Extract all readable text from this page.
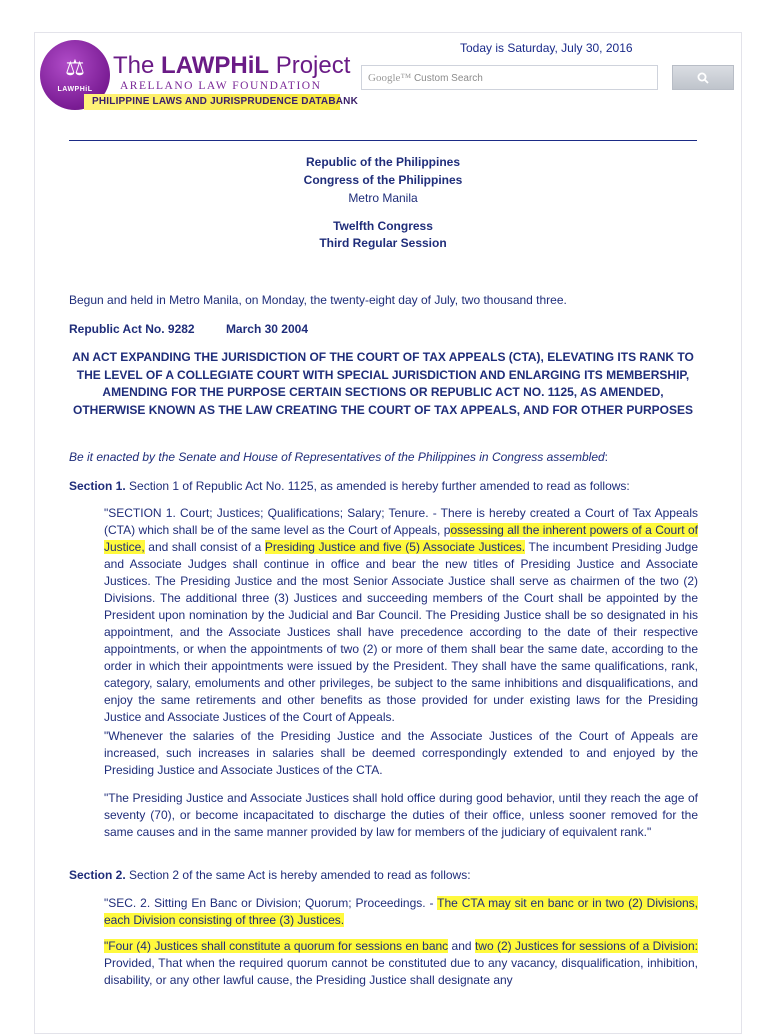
⚖
LAWPHiL
The LAWPHiL Project
ARELLANO LAW FOUNDATION
PHILIPPINE LAWS AND JURISPRUDENCE DATABANK
Today is Saturday, July 30, 2016
Google™ Custom Search
Republic of the Philippines
Congress of the Philippines
Metro Manila
Twelfth Congress
Third Regular Session
Begun and held in Metro Manila, on Monday, the twenty-eight day of July, two thousand three.
Republic Act No. 9282	March 30 2004
AN ACT EXPANDING THE JURISDICTION OF THE COURT OF TAX APPEALS (CTA), ELEVATING ITS RANK TO THE LEVEL OF A COLLEGIATE COURT WITH SPECIAL JURISDICTION AND ENLARGING ITS MEMBERSHIP, AMENDING FOR THE PURPOSE CERTAIN SECTIONS OR REPUBLIC ACT NO. 1125, AS AMENDED, OTHERWISE KNOWN AS THE LAW CREATING THE COURT OF TAX APPEALS, AND FOR OTHER PURPOSES
Be it enacted by the Senate and House of Representatives of the Philippines in Congress assembled:
Section 1. Section 1 of Republic Act No. 1125, as amended is hereby further amended to read as follows:
"SECTION 1. Court; Justices; Qualifications; Salary; Tenure. - There is hereby created a Court of Tax Appeals (CTA) which shall be of the same level as the Court of Appeals, possessing all the inherent powers of a Court of Justice, and shall consist of a Presiding Justice and five (5) Associate Justices. The incumbent Presiding Judge and Associate Judges shall continue in office and bear the new titles of Presiding Justice and Associate Justices. The Presiding Justice and the most Senior Associate Justice shall serve as chairmen of the two (2) Divisions. The additional three (3) Justices and succeeding members of the Court shall be appointed by the President upon nomination by the Judicial and Bar Council. The Presiding Justice shall be so designated in his appointment, and the Associate Justices shall have precedence according to the date of their respective appointments, or when the appointments of two (2) or more of them shall bear the same date, according to the order in which their appointments were issued by the President. They shall have the same qualifications, rank, category, salary, emoluments and other privileges, be subject to the same inhibitions and disqualifications, and enjoy the same retirements and other benefits as those provided for under existing laws for the Presiding Justice and Associate Justices of the Court of Appeals.
"Whenever the salaries of the Presiding Justice and the Associate Justices of the Court of Appeals are increased, such increases in salaries shall be deemed correspondingly extended to and enjoyed by the Presiding Justice and Associate Justices of the CTA.
"The Presiding Justice and Associate Justices shall hold office during good behavior, until they reach the age of seventy (70), or become incapacitated to discharge the duties of their office, unless sooner removed for the same causes and in the same manner provided by law for members of the judiciary of equivalent rank."
Section 2. Section 2 of the same Act is hereby amended to read as follows:
"SEC. 2. Sitting En Banc or Division; Quorum; Proceedings. - The CTA may sit en banc or in two (2) Divisions, each Division consisting of three (3) Justices.
"Four (4) Justices shall constitute a quorum for sessions en banc and two (2) Justices for sessions of a Division: Provided, That when the required quorum cannot be constituted due to any vacancy, disqualification, inhibition, disability, or any other lawful cause, the Presiding Justice shall designate any
